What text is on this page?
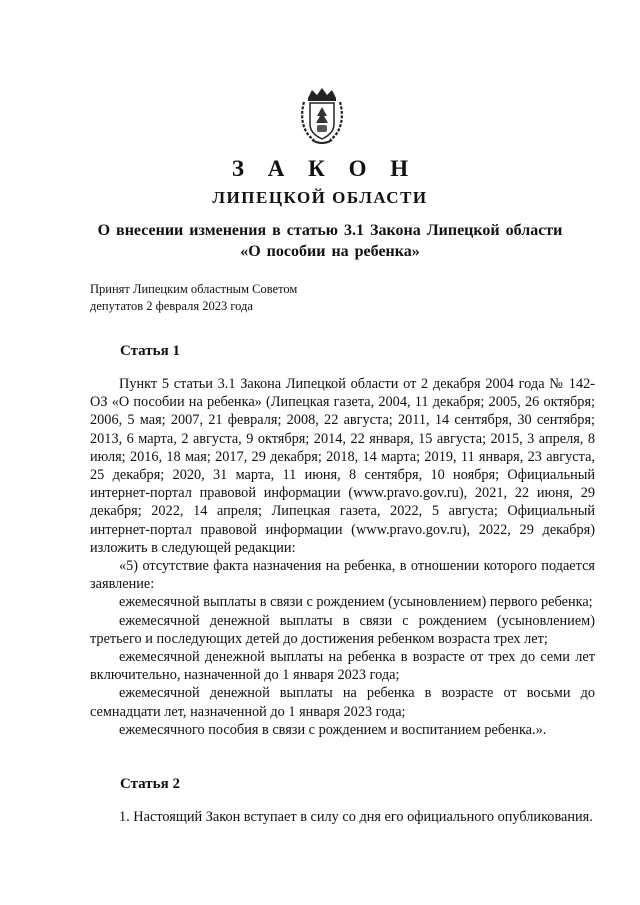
З А К О Н
ЛИПЕЦКОЙ ОБЛАСТИ
О внесении изменения в статью 3.1 Закона Липецкой области «О пособии на ребенка»
Принят Липецким областным Советом
депутатов 2 февраля 2023 года
Статья 1

Пункт 5 статьи 3.1 Закона Липецкой области от 2 декабря 2004 года № 142-ОЗ «О пособии на ребенка» (Липецкая газета, 2004, 11 декабря; 2005, 26 октября; 2006, 5 мая; 2007, 21 февраля; 2008, 22 августа; 2011, 14 сентября, 30 сентября; 2013, 6 марта, 2 августа, 9 октября; 2014, 22 января, 15 августа; 2015, 3 апреля, 8 июля; 2016, 18 мая; 2017, 29 декабря; 2018, 14 марта; 2019, 11 января, 23 августа, 25 декабря; 2020, 31 марта, 11 июня, 8 сентября, 10 ноября; Официальный интернет-портал правовой информации (www.pravo.gov.ru), 2021, 22 июня, 29 декабря; 2022, 14 апреля; Липецкая газета, 2022, 5 августа; Официальный интернет-портал правовой информации (www.pravo.gov.ru), 2022, 29 декабря) изложить в следующей редакции:

«5) отсутствие факта назначения на ребенка, в отношении которого подается заявление:

ежемесячной выплаты в связи с рождением (усыновлением) первого ребенка;

ежемесячной денежной выплаты в связи с рождением (усыновлением) третьего и последующих детей до достижения ребенком возраста трех лет;

ежемесячной денежной выплаты на ребенка в возрасте от трех до семи лет включительно, назначенной до 1 января 2023 года;

ежемесячной денежной выплаты на ребенка в возрасте от восьми до семнадцати лет, назначенной до 1 января 2023 года;

ежемесячного пособия в связи с рождением и воспитанием ребенка.».

Статья 2

1. Настоящий Закон вступает в силу со дня его официального опубликования.
